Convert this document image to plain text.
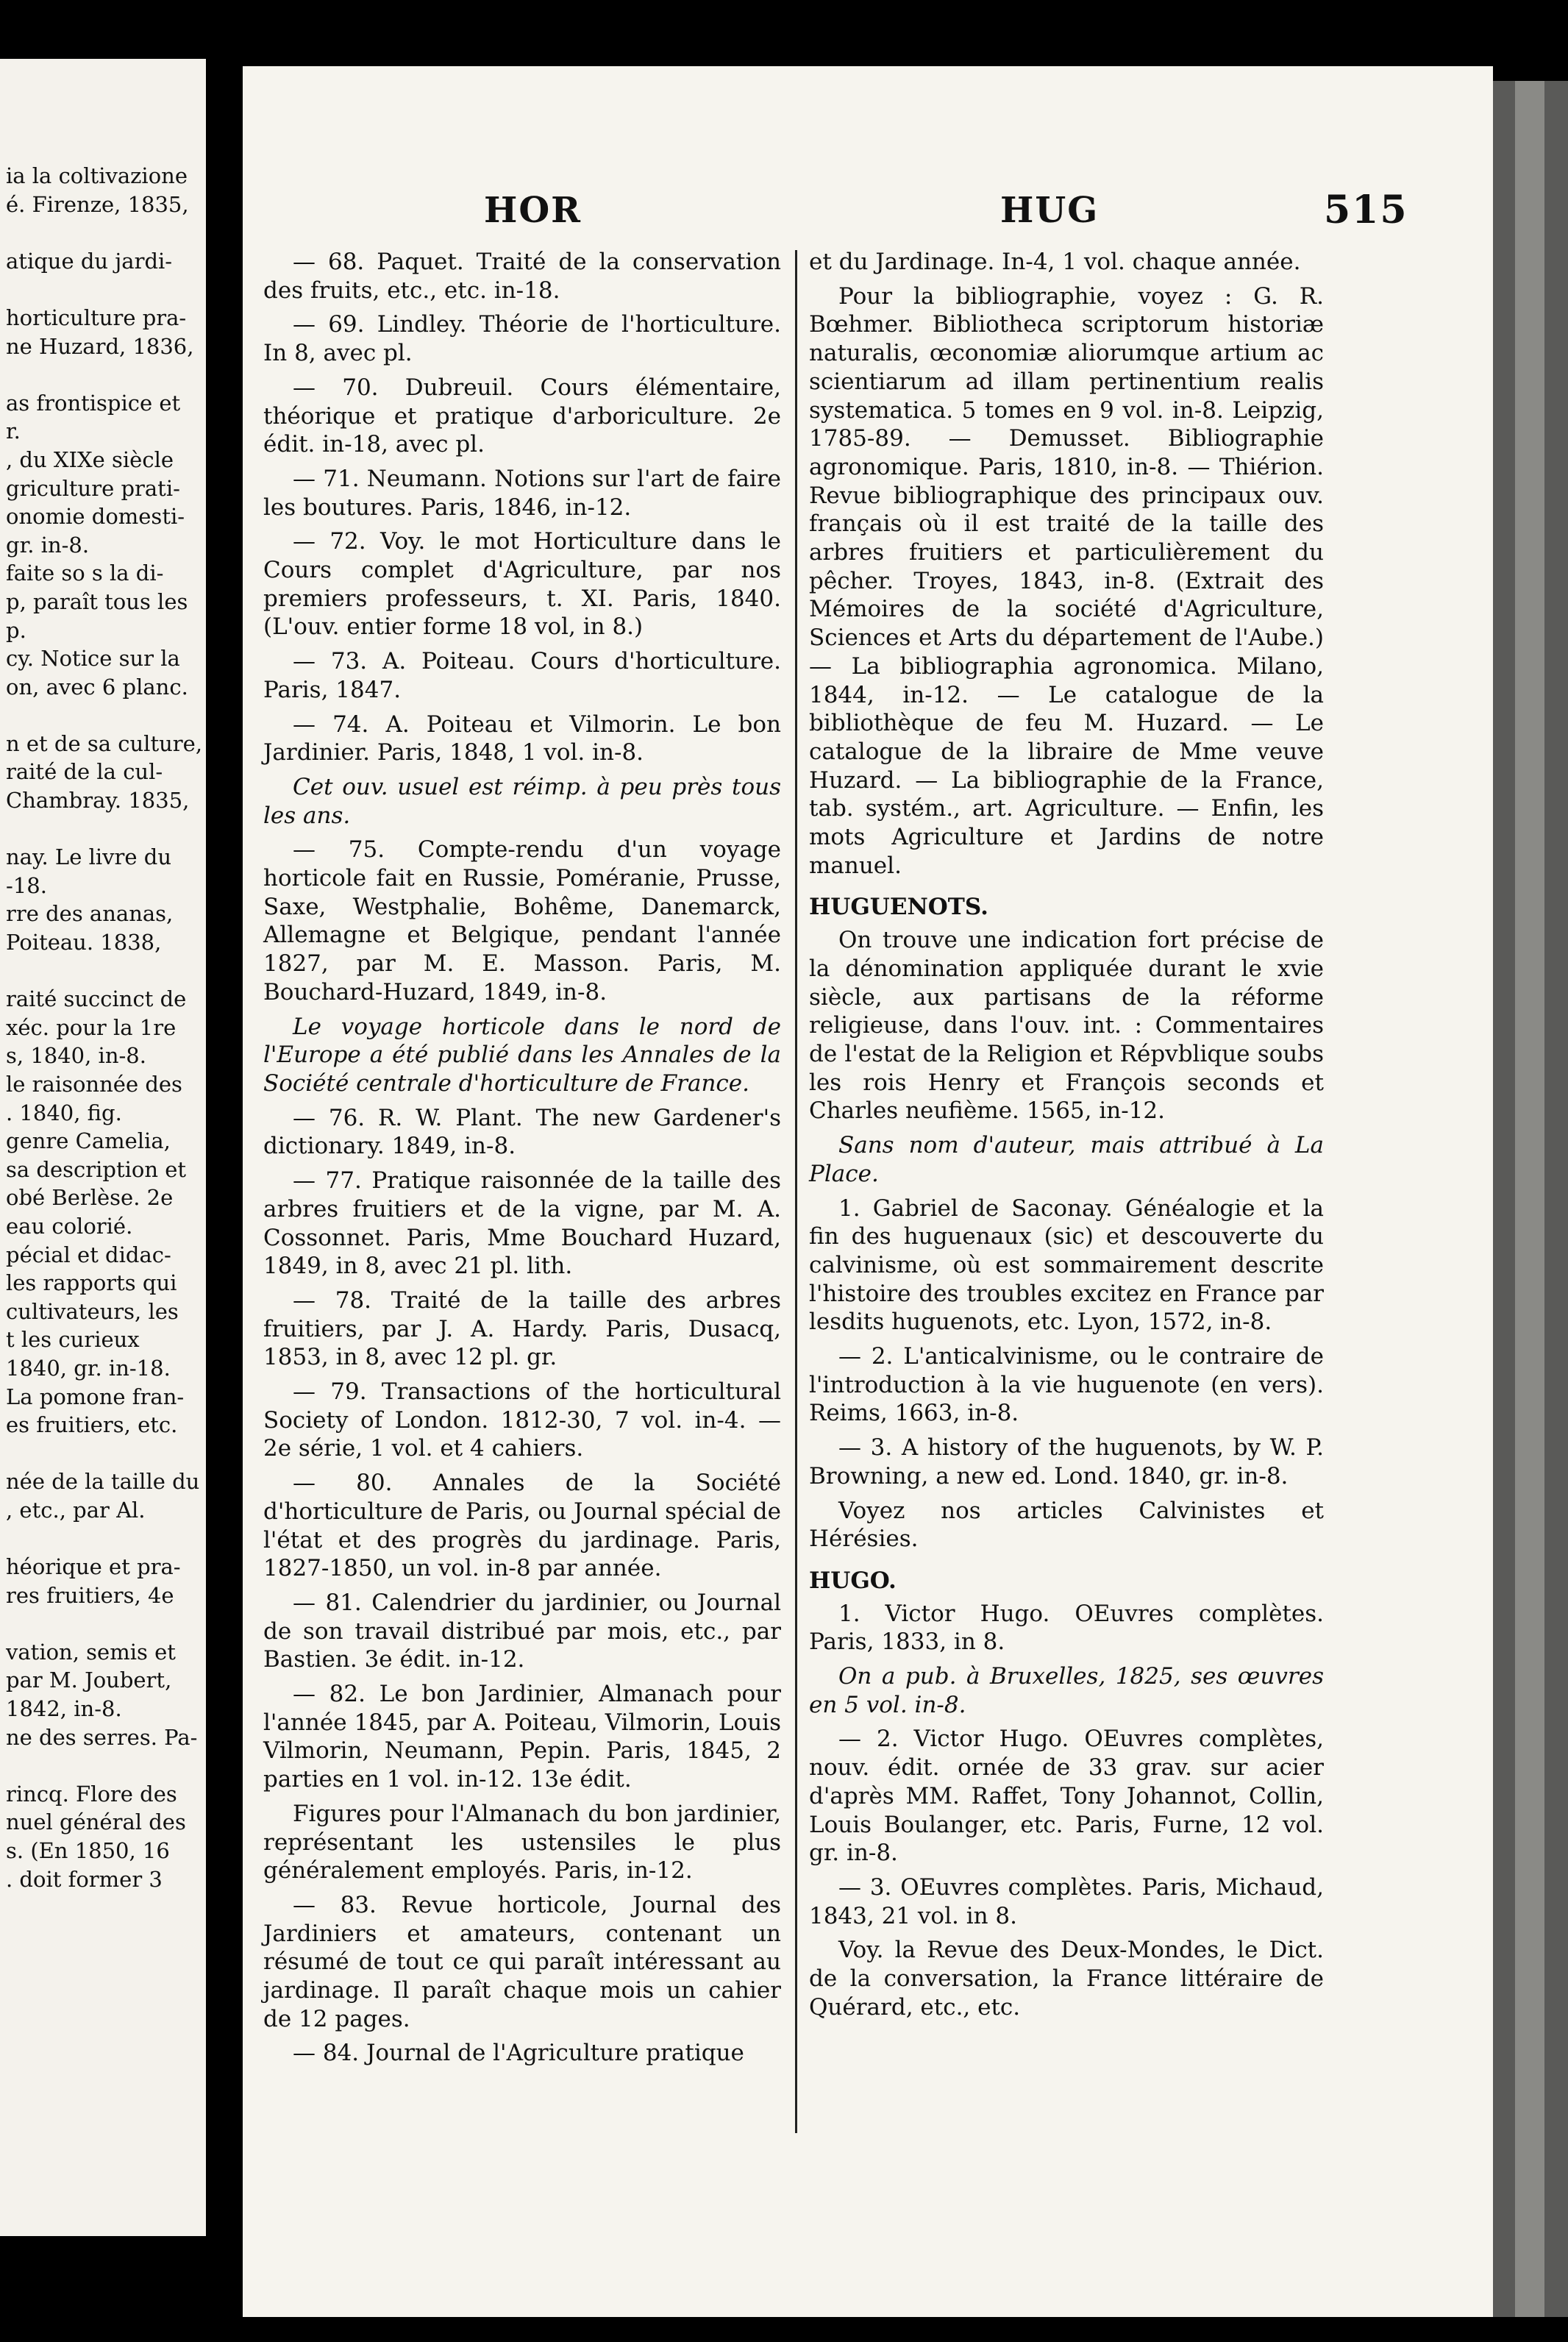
ia la coltivazione
é. Firenze, 1835,
atique du jardi-
horticulture pra-
ne Huzard, 1836,
as frontispice et
r.
, du XIXe siècle
griculture prati-
onomie domesti-
gr. in-8.
faite so s la di-
p, paraît tous les
p.
cy. Notice sur la
on, avec 6 planc.
n et de sa culture,
raité de la cul-
Chambray. 1835,
nay. Le livre du
-18.
rre des ananas,
Poiteau. 1838,
raité succinct de
xéc. pour la 1re
s, 1840, in-8.
le raisonnée des
. 1840, fig.
genre Camelia,
sa description et
obé Berlèse. 2e
eau colorié.
pécial et didac-
les rapports qui
cultivateurs, les
t les curieux
1840, gr. in-18.
La pomone fran-
es fruitiers, etc.
née de la taille du
, etc., par Al.
héorique et pra-
res fruitiers, 4e
vation, semis et
par M. Joubert,
1842, in-8.
ne des serres. Pa-
rincq. Flore des
nuel général des
s. (En 1850, 16
. doit former 3
HOR	HUG	515
— 68. Paquet. Traité de la conservation des fruits, etc., etc. in-18.
— 69. Lindley. Théorie de l'horticulture. In 8, avec pl.
— 70. Dubreuil. Cours élémentaire, théorique et pratique d'arboriculture. 2e édit. in-18, avec pl.
— 71. Neumann. Notions sur l'art de faire les boutures. Paris, 1846, in-12.
— 72. Voy. le mot Horticulture dans le Cours complet d'Agriculture, par nos premiers professeurs, t. XI. Paris, 1840. (L'ouv. entier forme 18 vol, in 8.)
— 73. A. Poiteau. Cours d'horticulture. Paris, 1847.
— 74. A. Poiteau et Vilmorin. Le bon Jardinier. Paris, 1848, 1 vol. in-8.
Cet ouv. usuel est réimp. à peu près tous les ans.
— 75. Compte-rendu d'un voyage horticole fait en Russie, Poméranie, Prusse, Saxe, Westphalie, Bohême, Danemarck, Allemagne et Belgique, pendant l'année 1827, par M. E. Masson. Paris, M. Bouchard-Huzard, 1849, in-8.
Le voyage horticole dans le nord de l'Europe a été publié dans les Annales de la Société centrale d'horticulture de France.
— 76. R. W. Plant. The new Gardener's dictionary. 1849, in-8.
— 77. Pratique raisonnée de la taille des arbres fruitiers et de la vigne, par M. A. Cossonnet. Paris, Mme Bouchard Huzard, 1849, in 8, avec 21 pl. lith.
— 78. Traité de la taille des arbres fruitiers, par J. A. Hardy. Paris, Dusacq, 1853, in 8, avec 12 pl. gr.
— 79. Transactions of the horticultural Society of London. 1812-30, 7 vol. in-4. — 2e série, 1 vol. et 4 cahiers.
— 80. Annales de la Société d'horticulture de Paris, ou Journal spécial de l'état et des progrès du jardinage. Paris, 1827-1850, un vol. in-8 par année.
— 81. Calendrier du jardinier, ou Journal de son travail distribué par mois, etc., par Bastien. 3e édit. in-12.
— 82. Le bon Jardinier, Almanach pour l'année 1845, par A. Poiteau, Vilmorin, Louis Vilmorin, Neumann, Pepin. Paris, 1845, 2 parties en 1 vol. in-12. 13e édit.
Figures pour l'Almanach du bon jardinier, représentant les ustensiles le plus généralement employés. Paris, in-12.
— 83. Revue horticole, Journal des Jardiniers et amateurs, contenant un résumé de tout ce qui paraît intéressant au jardinage. Il paraît chaque mois un cahier de 12 pages.
— 84. Journal de l'Agriculture pratique
et du Jardinage. In-4, 1 vol. chaque année.
Pour la bibliographie, voyez : G. R. Bœhmer. Bibliotheca scriptorum historiæ naturalis, œconomiæ aliorumque artium ac scientiarum ad illam pertinentium realis systematica. 5 tomes en 9 vol. in-8. Leipzig, 1785-89. — Demusset. Bibliographie agronomique. Paris, 1810, in-8. — Thiérion. Revue bibliographique des principaux ouv. français où il est traité de la taille des arbres fruitiers et particulièrement du pêcher. Troyes, 1843, in-8. (Extrait des Mémoires de la société d'Agriculture, Sciences et Arts du département de l'Aube.) — La bibliographia agronomica. Milano, 1844, in-12. — Le catalogue de la bibliothèque de feu M. Huzard. — Le catalogue de la libraire de Mme veuve Huzard. — La bibliographie de la France, tab. systém., art. Agriculture. — Enfin, les mots Agriculture et Jardins de notre manuel.
HUGUENOTS.
On trouve une indication fort précise de la dénomination appliquée durant le xvie siècle, aux partisans de la réforme religieuse, dans l'ouv. int. : Commentaires de l'estat de la Religion et Répvblique soubs les rois Henry et François seconds et Charles neufième. 1565, in-12.
Sans nom d'auteur, mais attribué à La Place.
1. Gabriel de Saconay. Généalogie et la fin des huguenaux (sic) et descouverte du calvinisme, où est sommairement descrite l'histoire des troubles excitez en France par lesdits huguenots, etc. Lyon, 1572, in-8.
— 2. L'anticalvinisme, ou le contraire de l'introduction à la vie huguenote (en vers). Reims, 1663, in-8.
— 3. A history of the huguenots, by W. P. Browning, a new ed. Lond. 1840, gr. in-8.
Voyez nos articles Calvinistes et Hérésies.
HUGO.
1. Victor Hugo. OEuvres complètes. Paris, 1833, in 8.
On a pub. à Bruxelles, 1825, ses œuvres en 5 vol. in-8.
— 2. Victor Hugo. OEuvres complètes, nouv. édit. ornée de 33 grav. sur acier d'après MM. Raffet, Tony Johannot, Collin, Louis Boulanger, etc. Paris, Furne, 12 vol. gr. in-8.
— 3. OEuvres complètes. Paris, Michaud, 1843, 21 vol. in 8.
Voy. la Revue des Deux-Mondes, le Dict. de la conversation, la France littéraire de Quérard, etc., etc.
